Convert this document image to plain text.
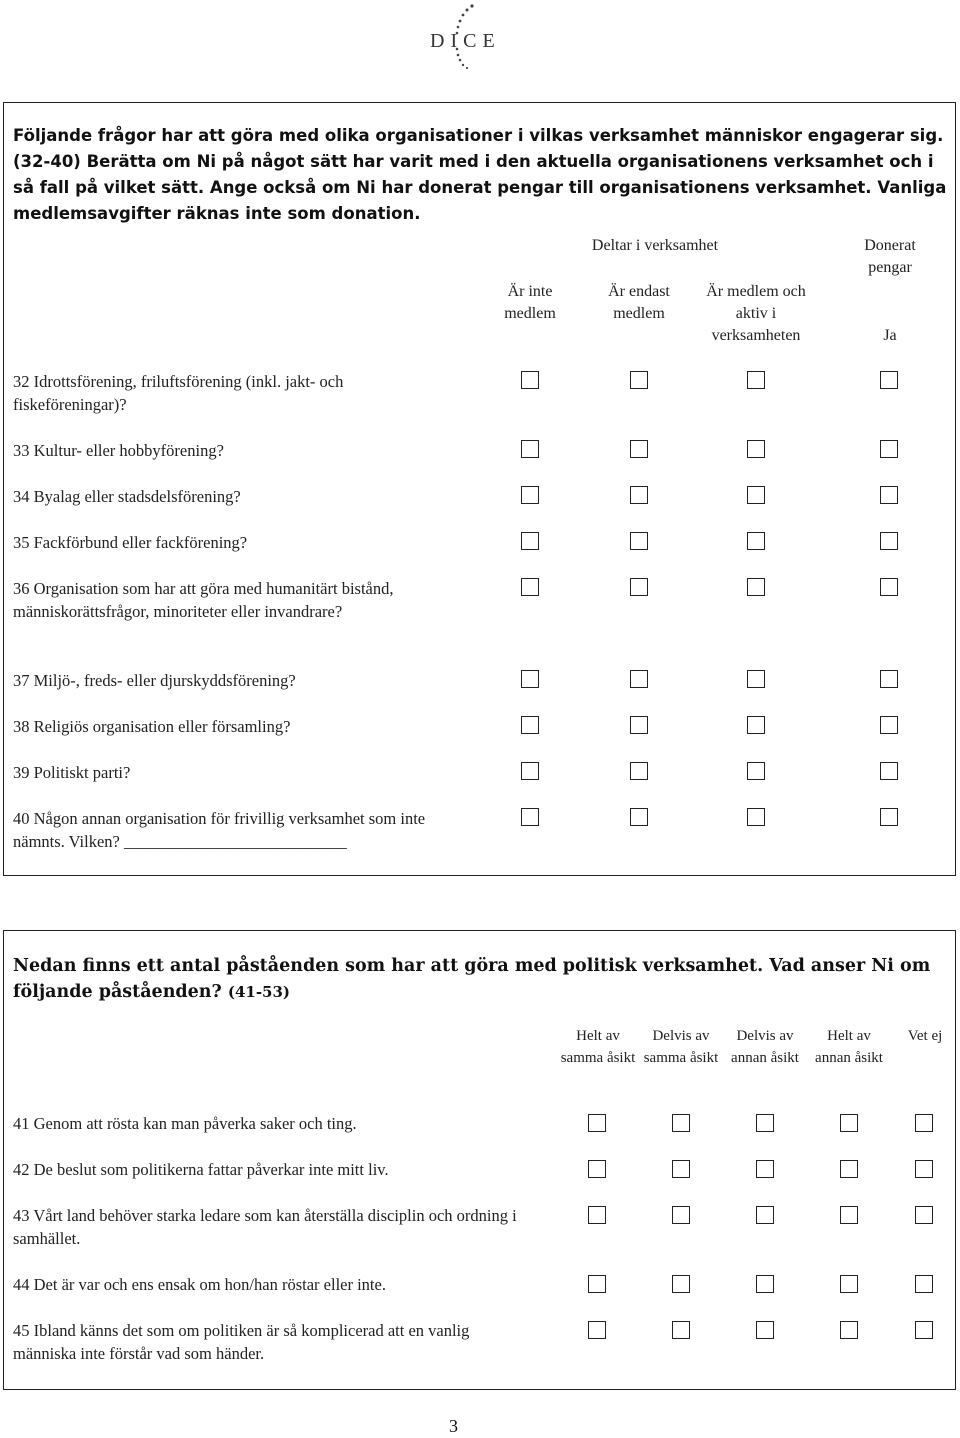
DICE
Följande frågor har att göra med olika organisationer i vilkas verksamhet människor engagerar sig. (32-40) Berätta om Ni på något sätt har varit med i den aktuella organisationens verksamhet och i så fall på vilket sätt. Ange också om Ni har donerat pengar till organisationens verksamhet. Vanliga medlemsavgifter räknas inte som donation.
Deltar i verksamhet	Donerat pengar
Är inte medlem
Är endast medlem
Är medlem och aktiv i verksamheten	Ja
32 Idrottsförening, friluftsförening (inkl. jakt- och fiskeföreningar)?
33 Kultur- eller hobbyförening?
34 Byalag eller stadsdelsförening?
35 Fackförbund eller fackförening?
36 Organisation som har att göra med humanitärt bistånd, människorättsfrågor, minoriteter eller invandrare?
37 Miljö-, freds- eller djurskyddsförening?
38 Religiös organisation eller församling?
39 Politiskt parti?
40 Någon annan organisation för frivillig verksamhet som inte nämnts. Vilken? ___________________________
Nedan finns ett antal påståenden som har att göra med politisk verksamhet. Vad anser Ni om följande påståenden? (41-53)
Helt av samma åsikt
Delvis av samma åsikt
Delvis av annan åsikt
Helt av annan åsikt
Vet ej
41 Genom att rösta kan man påverka saker och ting.
42 De beslut som politikerna fattar påverkar inte mitt liv.
43 Vårt land behöver starka ledare som kan återställa disciplin och ordning i samhället.
44 Det är var och ens ensak om hon/han röstar eller inte.
45 Ibland känns det som om politiken är så komplicerad att en vanlig människa inte förstår vad som händer.
3
